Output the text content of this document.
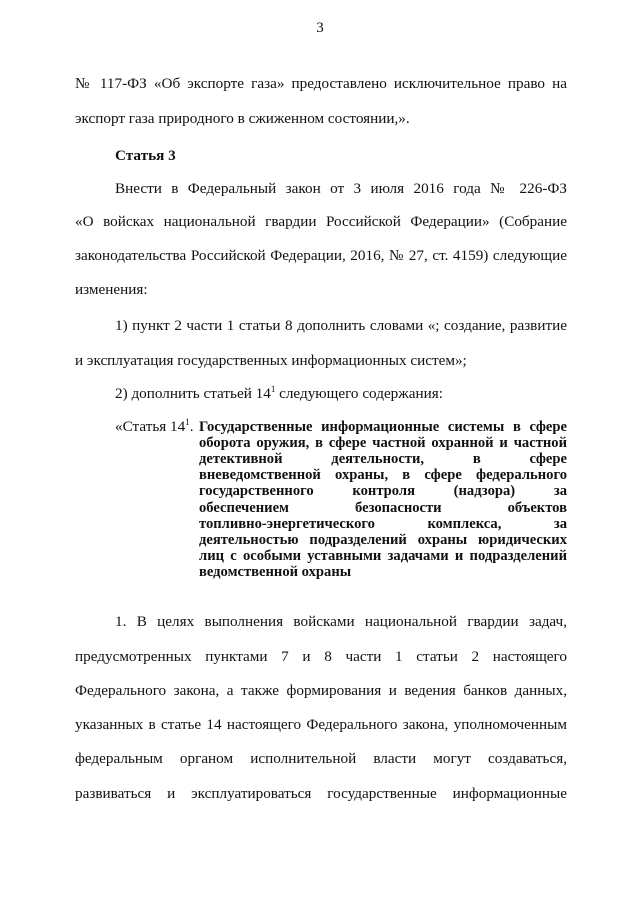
3
№ 117-ФЗ «Об экспорте газа» предоставлено исключительное право на
экспорт газа природного в сжиженном состоянии,».
Статья 3
Внести в Федеральный закон от 3 июля 2016 года № 226-ФЗ
«О войсках национальной гвардии Российской Федерации» (Собрание
законодательства Российской Федерации, 2016, № 27, ст. 4159) следующие
изменения:
1) пункт 2 части 1 статьи 8 дополнить словами «; создание, развитие
и эксплуатация государственных информационных систем»;
2) дополнить статьей $14^1$ следующего содержания:
«Статья $14^1$. Государственные информационные системы в сфере
оборота оружия, в сфере частной охранной и частной
детективной деятельности, в сфере
вневедомственной охраны, в сфере федерального
государственного контроля (надзора) за
обеспечением безопасности объектов
топливно-энергетического комплекса, за
деятельностью подразделений охраны юридических
лиц с особыми уставными задачами и подразделений
ведомственной охраны
1. В целях выполнения войсками национальной гвардии задач,
предусмотренных пунктами 7 и 8 части 1 статьи 2 настоящего
Федерального закона, а также формирования и ведения банков данных,
указанных в статье 14 настоящего Федерального закона, уполномоченным
федеральным органом исполнительной власти могут создаваться,
развиваться и эксплуатироваться государственные информационные
